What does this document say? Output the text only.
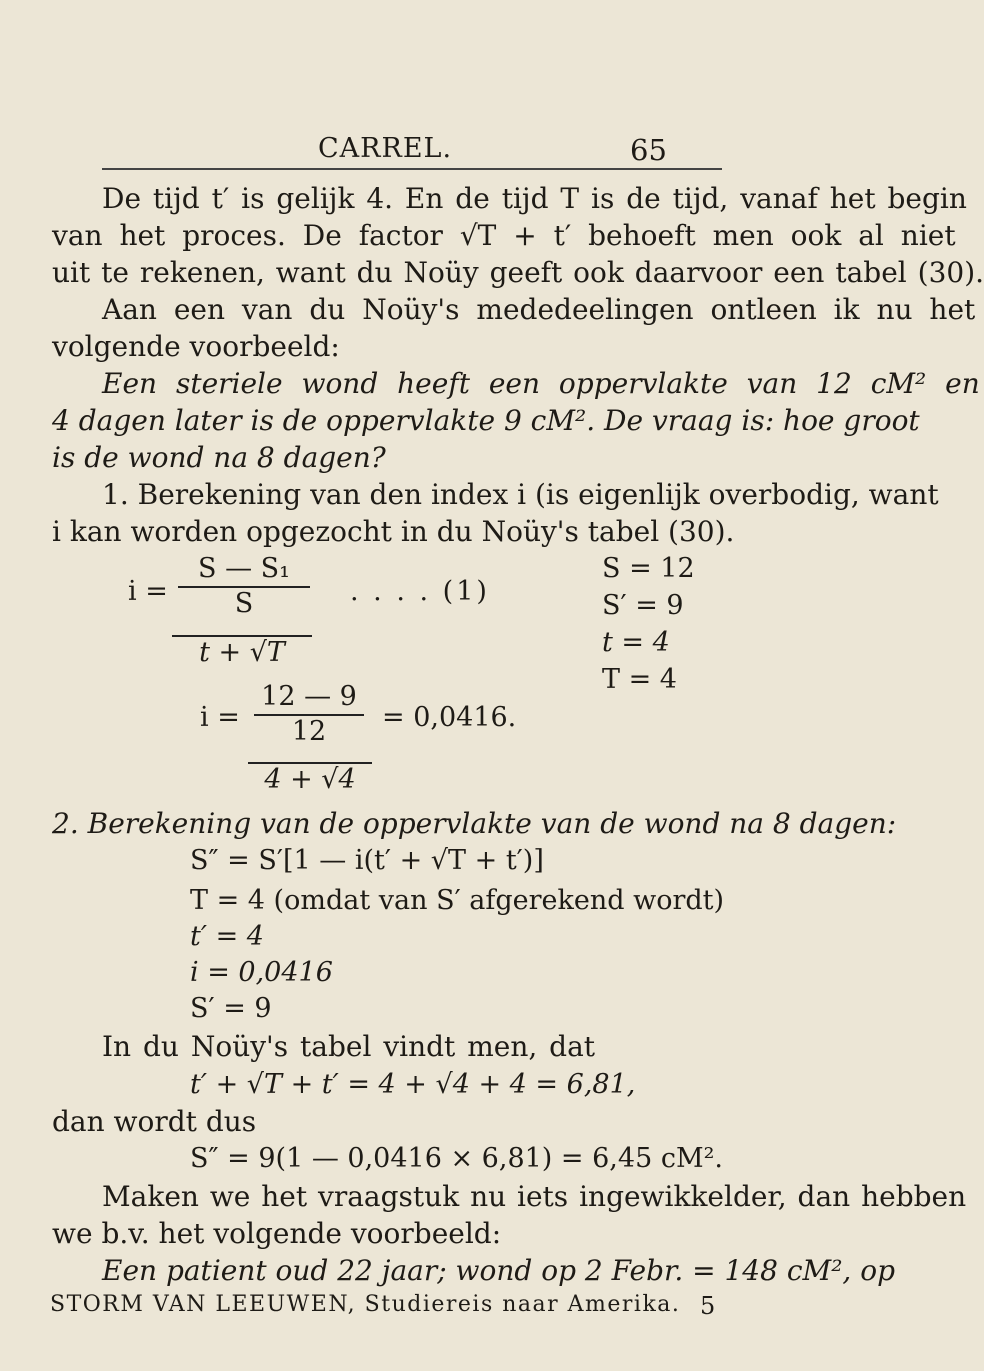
CARREL.	65
De tijd t′ is gelijk 4. En de tijd T is de tijd, vanaf het begin
van het proces. De factor √T + t′ behoeft men ook al niet
uit te rekenen, want du Noüy geeft ook daarvoor een tabel (30).
Aan een van du Noüy's mededeelingen ontleen ik nu het
volgende voorbeeld:
Een steriele wond heeft een oppervlakte van 12 cM² en
4 dagen later is de oppervlakte 9 cM². De vraag is: hoe groot
is de wond na 8 dagen?
1. Berekening van den index i (is eigenlijk overbodig, want
i kan worden opgezocht in du Noüy's tabel (30).
$i = \frac{\text{S — S₁}}{S}$
t + √T
. . . . (1)
S = 12
S′ = 9
t = 4
T = 4
$i = \frac{12 — 9}{12} = 0,0416$.
4 + √4
2. Berekening van de oppervlakte van de wond na 8 dagen:
S″ = S′[1 — i(t′ + √T + t′)]
T = 4 (omdat van S′ afgerekend wordt)
t′ = 4
i = 0,0416
S′ = 9
In du Noüy's tabel vindt men, dat
t′ + √T + t′ = 4 + √4 + 4 = 6,81,
dan wordt dus
S″ = 9(1 — 0,0416 × 6,81) = 6,45 cM².
Maken we het vraagstuk nu iets ingewikkelder, dan hebben
we b.v. het volgende voorbeeld:
Een patient oud 22 jaar; wond op 2 Febr. = 148 cM², op
STORM VAN LEEUWEN, Studiereis naar Amerika. 5
